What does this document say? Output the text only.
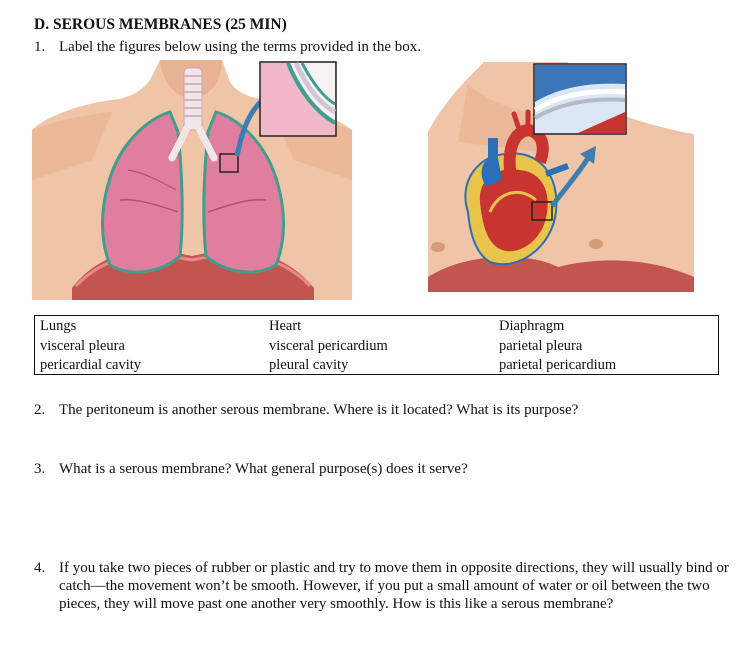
D. SEROUS MEMBRANES (25 MIN)
1. Label the figures below using the terms provided in the box.
Lungs	Heart	Diaphragm
visceral pleura	visceral pericardium	parietal pleura
pericardial cavity	pleural cavity	parietal pericardium
2. The peritoneum is another serous membrane. Where is it located? What is its purpose?
3. What is a serous membrane? What general purpose(s) does it serve?
4. If you take two pieces of rubber or plastic and try to move them in opposite directions, they will usually bind or catch—the movement won’t be smooth. However, if you put a small amount of water or oil between the two pieces, they will move past one another very smoothly. How is this like a serous membrane?
